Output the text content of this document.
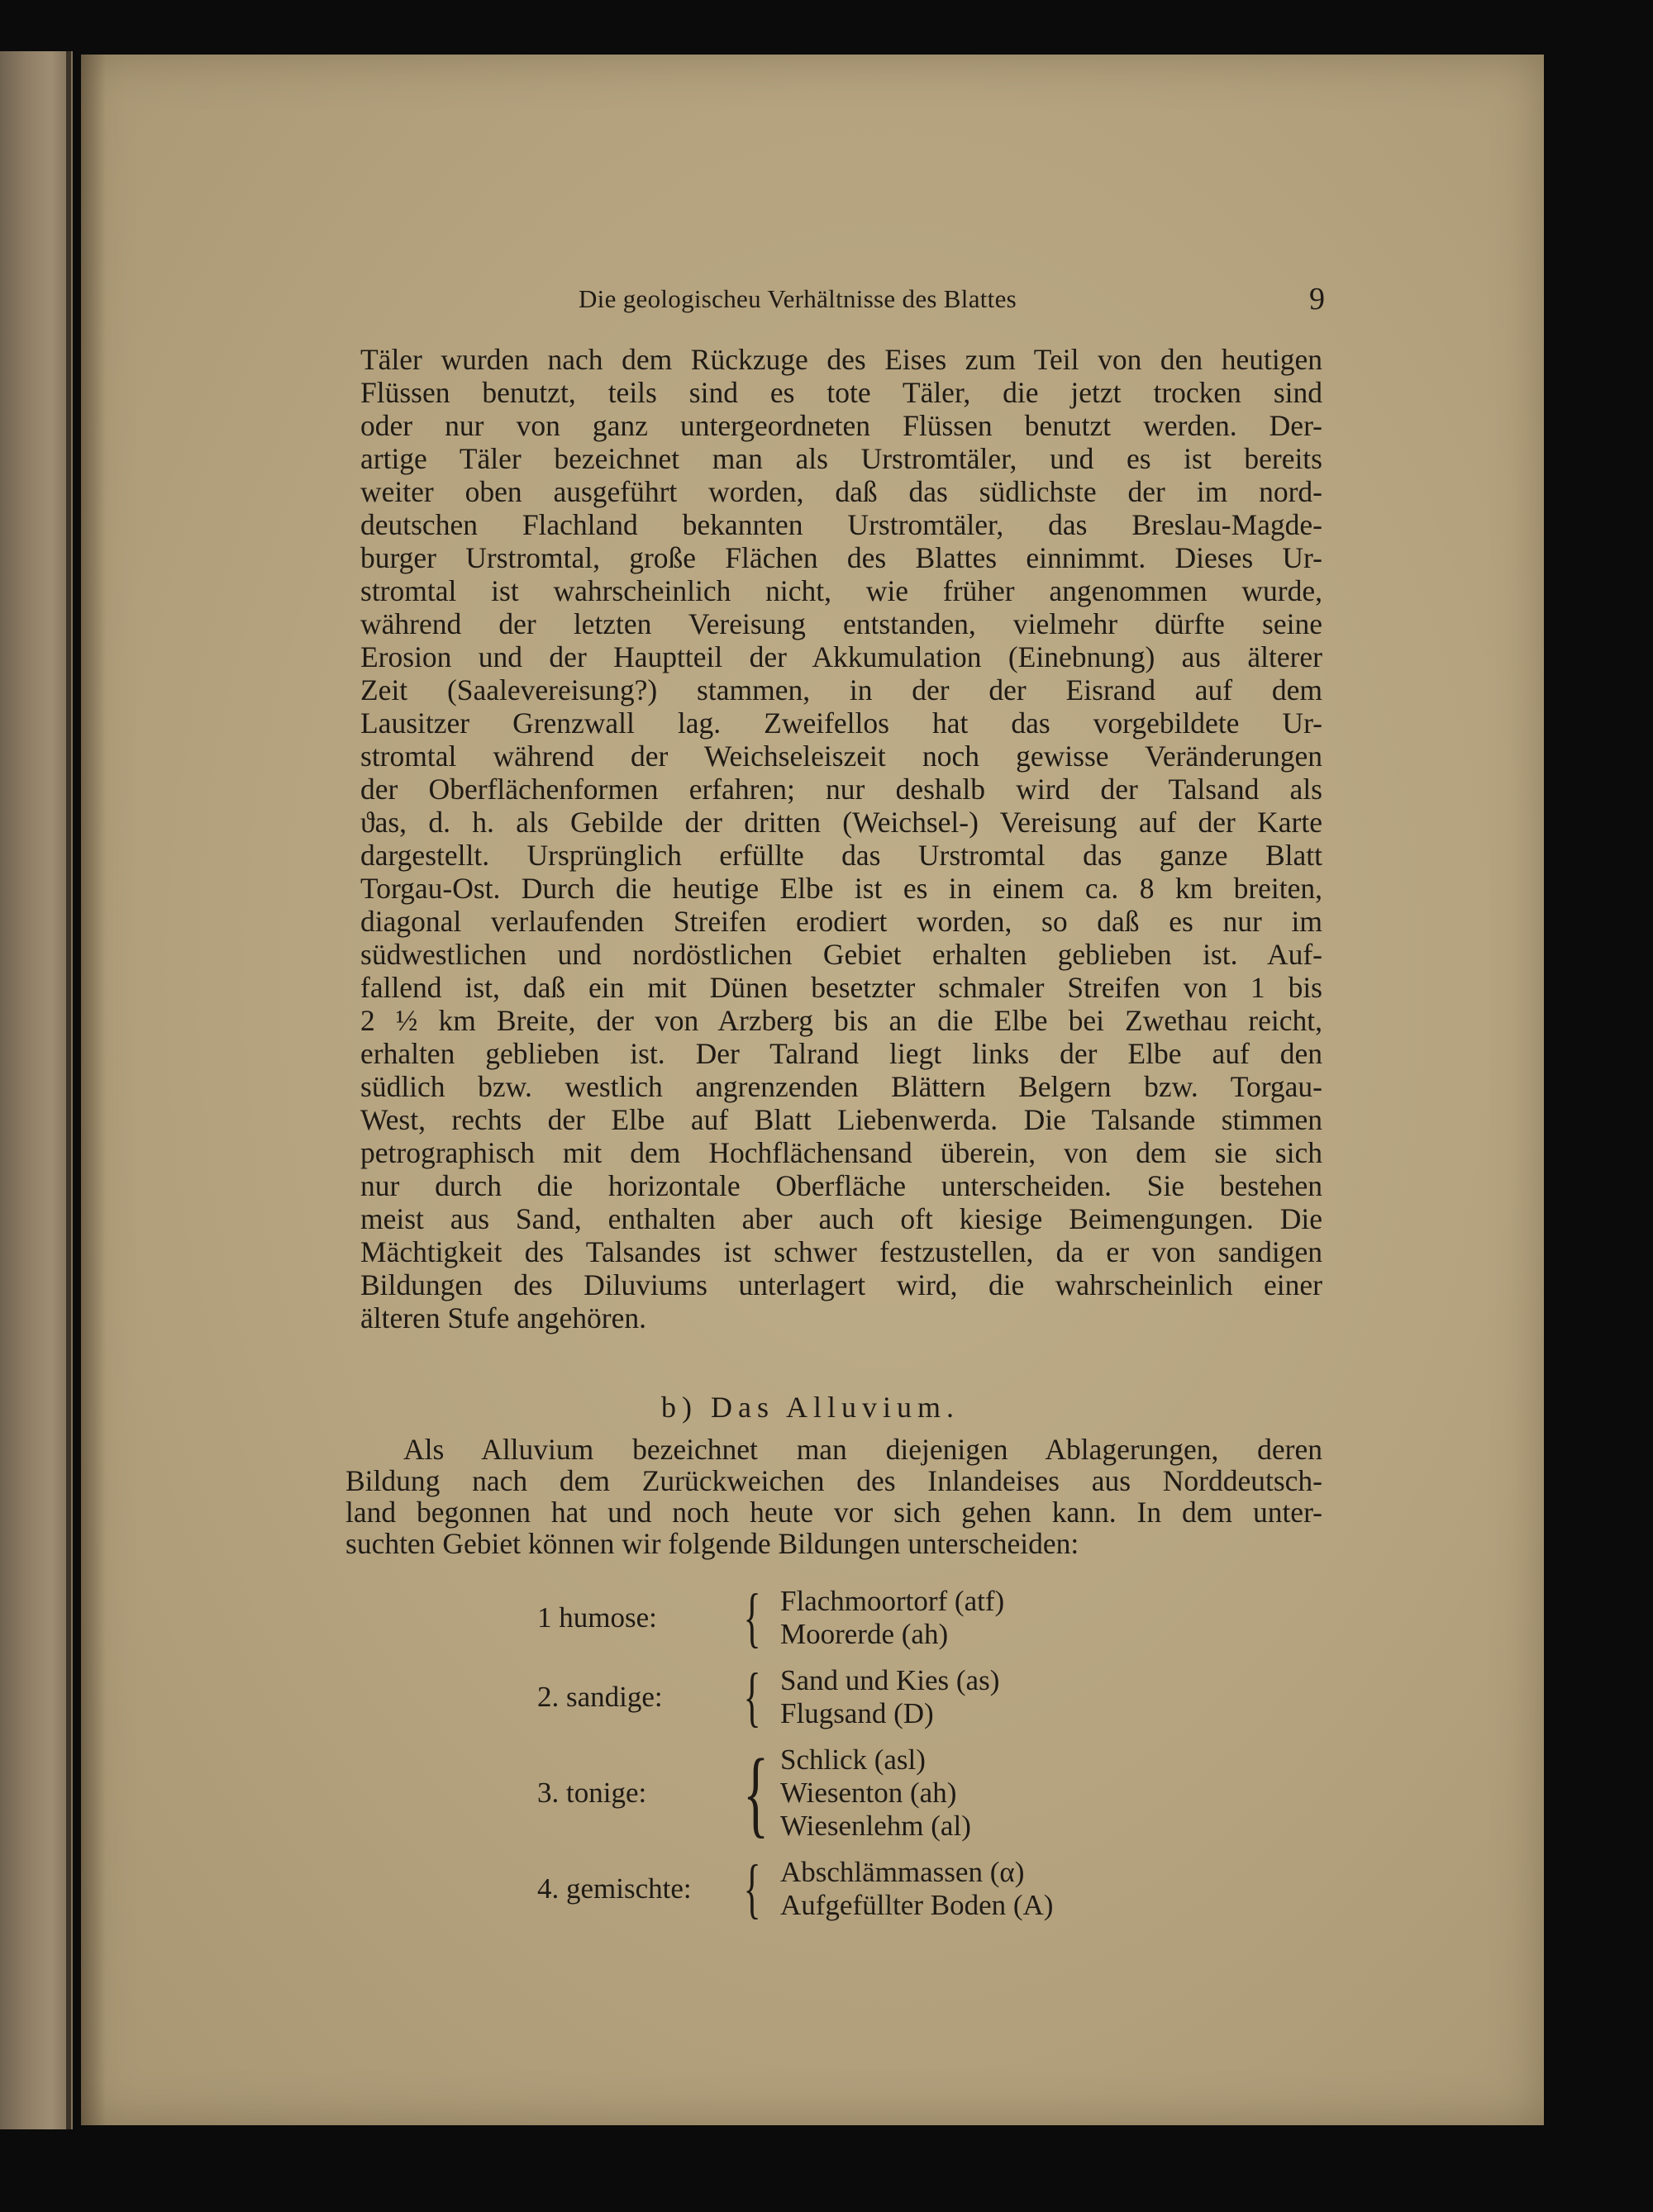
Die geologischeu Verhältnisse des Blattes	9
Täler wurden nach dem Rückzuge des Eises zum Teil von den heutigen
Flüssen benutzt, teils sind es tote Täler, die jetzt trocken sind
oder nur von ganz untergeordneten Flüssen benutzt werden. Der-
artige Täler bezeichnet man als Urstromtäler, und es ist bereits
weiter oben ausgeführt worden, daß das südlichste der im nord-
deutschen Flachland bekannten Urstromtäler, das Breslau-Magde-
burger Urstromtal, große Flächen des Blattes einnimmt. Dieses Ur-
stromtal ist wahrscheinlich nicht, wie früher angenommen wurde,
während der letzten Vereisung entstanden, vielmehr dürfte seine
Erosion und der Hauptteil der Akkumulation (Einebnung) aus älterer
Zeit (Saalevereisung?) stammen, in der der Eisrand auf dem
Lausitzer Grenzwall lag. Zweifellos hat das vorgebildete Ur-
stromtal während der Weichseleiszeit noch gewisse Veränderungen
der Oberflächenformen erfahren; nur deshalb wird der Talsand als
ϑas, d. h. als Gebilde der dritten (Weichsel-) Vereisung auf der Karte
dargestellt. Ursprünglich erfüllte das Urstromtal das ganze Blatt
Torgau-Ost. Durch die heutige Elbe ist es in einem ca. 8 km breiten,
diagonal verlaufenden Streifen erodiert worden, so daß es nur im
südwestlichen und nordöstlichen Gebiet erhalten geblieben ist. Auf-
fallend ist, daß ein mit Dünen besetzter schmaler Streifen von 1 bis
2 ½ km Breite, der von Arzberg bis an die Elbe bei Zwethau reicht,
erhalten geblieben ist. Der Talrand liegt links der Elbe auf den
südlich bzw. westlich angrenzenden Blättern Belgern bzw. Torgau-
West, rechts der Elbe auf Blatt Liebenwerda. Die Talsande stimmen
petrographisch mit dem Hochflächensand überein, von dem sie sich
nur durch die horizontale Oberfläche unterscheiden. Sie bestehen
meist aus Sand, enthalten aber auch oft kiesige Beimengungen. Die
Mächtigkeit des Talsandes ist schwer festzustellen, da er von sandigen
Bildungen des Diluviums unterlagert wird, die wahrscheinlich einer
älteren Stufe angehören.
b) Das Alluvium.
Als Alluvium bezeichnet man diejenigen Ablagerungen, deren
Bildung nach dem Zurückweichen des Inlandeises aus Norddeutsch-
land begonnen hat und noch heute vor sich gehen kann. In dem unter-
suchten Gebiet können wir folgende Bildungen unterscheiden:
1 humose:	{ Flachmoortorf (atf)
Moorerde (ah)
2. sandige:	{ Sand und Kies (as)
Flugsand (D)
3. tonige: { Schlick (asl)
Wiesenton (ah)
Wiesenlehm (al)
4. gemischte: { Abschlämmassen (α)
Aufgefüllter Boden (A)
